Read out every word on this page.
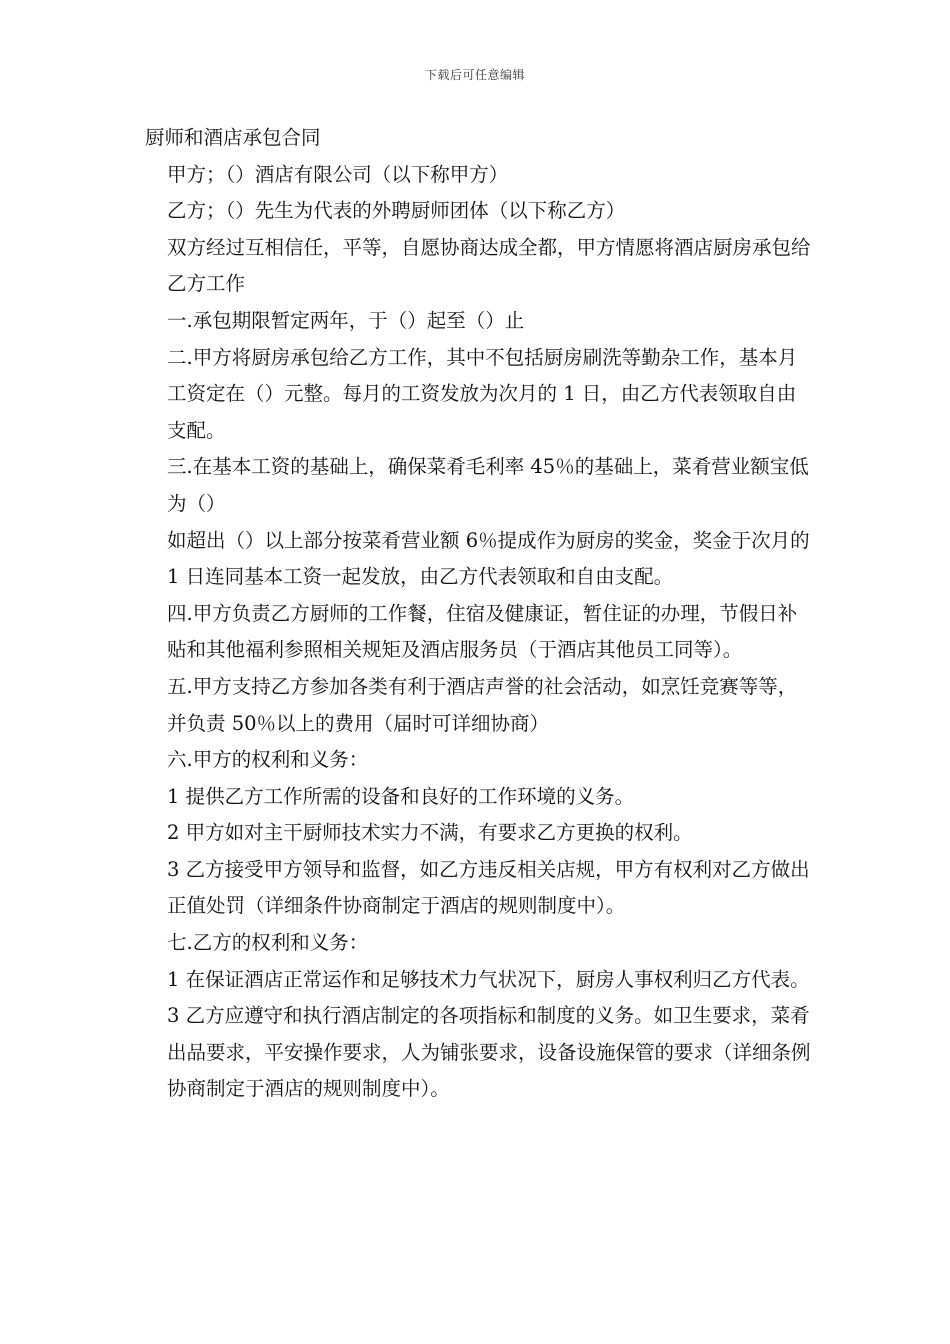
下载后可任意编辑

厨师和酒店承包合同

甲方；（）酒店有限公司（以下称甲方）

乙方；（）先生为代表的外聘厨师团体（以下称乙方）

双方经过互相信任，平等，自愿协商达成全都，甲方情愿将酒店厨房承包给乙方工作

一.承包期限暂定两年，于（）起至（）止

二.甲方将厨房承包给乙方工作，其中不包括厨房刷洗等勤杂工作，基本月工资定在（）元整。每月的工资发放为次月的 1 日，由乙方代表领取自由支配。

三.在基本工资的基础上，确保菜肴毛利率 45％的基础上，菜肴营业额宝低为（）

如超出（）以上部分按菜肴营业额 6％提成作为厨房的奖金，奖金于次月的 1 日连同基本工资一起发放，由乙方代表领取和自由支配。

四.甲方负责乙方厨师的工作餐，住宿及健康证，暂住证的办理，节假日补贴和其他福利参照相关规矩及酒店服务员（于酒店其他员工同等）。

五.甲方支持乙方参加各类有利于酒店声誉的社会活动，如烹饪竞赛等等，并负责 50％以上的费用（届时可详细协商）

六.甲方的权利和义务：

1 提供乙方工作所需的设备和良好的工作环境的义务。

2 甲方如对主干厨师技术实力不满，有要求乙方更换的权利。

3 乙方接受甲方领导和监督，如乙方违反相关店规，甲方有权利对乙方做出正值处罚（详细条件协商制定于酒店的规则制度中）。

七.乙方的权利和义务：

1 在保证酒店正常运作和足够技术力气状况下，厨房人事权利归乙方代表。

3 乙方应遵守和执行酒店制定的各项指标和制度的义务。如卫生要求，菜肴出品要求，平安操作要求，人为铺张要求，设备设施保管的要求（详细条例协商制定于酒店的规则制度中）。
